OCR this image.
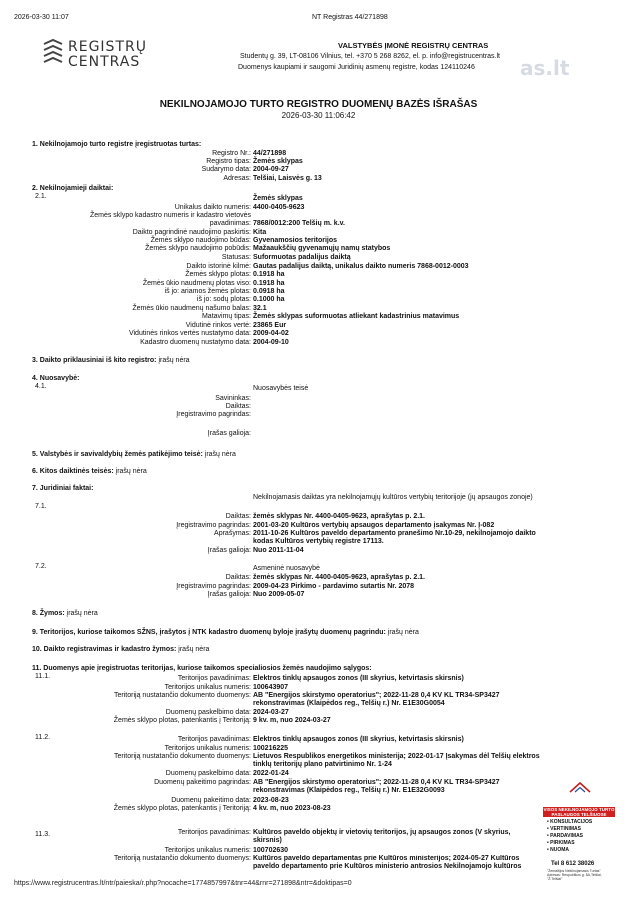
2026-03-30 11:07	NT Registras 44/271898
https://www.registrucentras.lt/ntr/paieska/r.php?nocache=1774857997&tnr=44&rnr=271898&ntr=&doktipas=0
REGISTRŲ
CENTRAS
VALSTYBĖS ĮMONĖ REGISTRŲ CENTRAS
Studentų g. 39, LT-08106 Vilnius, tel. +370 5 268 8262, el. p. info@registrucentras.lt
Duomenys kaupiami ir saugomi Juridinių asmenų registre, kodas 124110246 as.lt
NEKILNOJAMOJO TURTO REGISTRO DUOMENŲ BAZĖS IŠRAŠAS
2026-03-30 11:06:42
1. Nekilnojamojo turto registre įregistruotas turtas:
Registro Nr.: 44/271898
Registro tipas: Žemės sklypas
Sudarymo data: 2004-09-27
Adresas: Telšiai, Laisvės g. 13
2. Nekilnojamieji daiktai:
2.1.	Žemės sklypas
Unikalus daikto numeris: 4400-0405-9623
Žemės sklypo kadastro numeris ir kadastro vietovės
pavadinimas: 7868/0012:200 Telšių m. k.v.
Daikto pagrindinė naudojimo paskirtis: Kita
Žemės sklypo naudojimo būdas: Gyvenamosios teritorijos
Žemės sklypo naudojimo pobūdis: Mažaaukščių gyvenamųjų namų statybos
Statusas: Suformuotas padalijus daiktą
Daikto istorinė kilmė: Gautas padalijus daiktą, unikalus daikto numeris 7868-0012-0003
Žemės sklypo plotas: 0.1918 ha
Žemės ūkio naudmenų plotas viso: 0.1918 ha
iš jo: ariamos žemės plotas: 0.0918 ha
iš jo: sodų plotas: 0.1000 ha
Žemės ūkio naudmenų našumo balas: 32.1
Matavimų tipas: Žemės sklypas suformuotas atliekant kadastrinius matavimus
Vidutinė rinkos vertė: 23865 Eur
Vidutinės rinkos vertės nustatymo data: 2009-04-02
Kadastro duomenų nustatymo data: 2004-09-10
3. Daikto priklausiniai iš kito registro: įrašų nėra
4. Nuosavybė:
4.1.	Nuosavybės teisė
Savininkas:
Daiktas:
Įregistravimo pagrindas:
Įrašas galioja:
5. Valstybės ir savivaldybių žemės patikėjimo teisė: įrašų nėra
6. Kitos daiktinės teisės: įrašų nėra
7. Juridiniai faktai:
7.1.
Nekilnojamasis daiktas yra nekilnojamųjų kultūros vertybių teritorijoje (jų apsaugos zonoje)
Daiktas: žemės sklypas Nr. 4400-0405-9623, aprašytas p. 2.1.
Įregistravimo pagrindas: 2001-03-20 Kultūros vertybių apsaugos departamento įsakymas Nr. Į-082
Aprašymas: 2011-10-26 Kultūros paveldo departamento pranešimo Nr.10-29, nekilnojamojo daikto kodas Kultūros vertybių registre 17113.
Įrašas galioja: Nuo 2011-11-04
7.2.	Asmeninė nuosavybė
Daiktas: žemės sklypas Nr. 4400-0405-9623, aprašytas p. 2.1.
Įregistravimo pagrindas: 2009-04-23 Pirkimo - pardavimo sutartis Nr. 2078
Įrašas galioja: Nuo 2009-05-07
8. Žymos: įrašų nėra
9. Teritorijos, kuriose taikomos SŽNS, įrašytos į NTK kadastro duomenų byloje įrašytų duomenų pagrindu: įrašų nėra
10. Daikto registravimas ir kadastro žymos: įrašų nėra
11. Duomenys apie įregistruotas teritorijas, kuriose taikomos specialiosios žemės naudojimo sąlygos:
11.1.	Teritorijos pavadinimas: Elektros tinklų apsaugos zonos (III skyrius, ketvirtasis skirsnis)
Teritorijos unikalus numeris: 100643907
Teritoriją nustatančio dokumento duomenys: AB "Energijos skirstymo operatorius"; 2022-11-28 0,4 KV KL TR34-SP3427 rekonstravimas (Klaipėdos reg., Telšių r.) Nr. E1E30G0054
Duomenų paskelbimo data: 2024-03-27
Žemės sklypo plotas, patenkantis į Teritoriją: 9 kv. m, nuo 2024-03-27
11.2.	Teritorijos pavadinimas: Elektros tinklų apsaugos zonos (III skyrius, ketvirtasis skirsnis)
Teritorijos unikalus numeris: 100216225
Teritoriją nustatančio dokumento duomenys: Lietuvos Respublikos energetikos ministerija; 2022-01-17 Įsakymas dėl Telšių elektros tinklų teritorijų plano patvirtinimo Nr. 1-24
Duomenų paskelbimo data: 2022-01-24
Duomenų pakeitimo pagrindas: AB "Energijos skirstymo operatorius"; 2022-11-28 0,4 KV KL TR34-SP3427 rekonstravimas (Klaipėdos reg., Telšių r.) Nr. E1E32G0093
Duomenų pakeitimo data: 2023-08-23
Žemės sklypo plotas, patenkantis į Teritoriją: 4 kv. m, nuo 2023-08-23
11.3.	Teritorijos pavadinimas: Kultūros paveldo objektų ir vietovių teritorijos, jų apsaugos zonos (V skyrius, skirsnis)
Teritorijos unikalus numeris: 100702630
Teritoriją nustatančio dokumento duomenys: Kultūros paveldo departamentas prie Kultūros ministerijos; 2024-05-27 Kultūros paveldo departamento prie Kultūros ministerio antrosios Nekilnojamojo kultūros
VISOS NEKILNOJAMOJO TURTO PASLAUGOS TELŠIUOSE
• KONSULTACIJOS
• VERTINIMAS
• PARDAVIMAS
• PIRKIMAS
• NUOMA
Tel 8 612 38026
"Žemaitijos Nekilnojamasis Turtas" Adresas: Respublikos g. 5A,Telšiai, "Ž.Telšiai"
